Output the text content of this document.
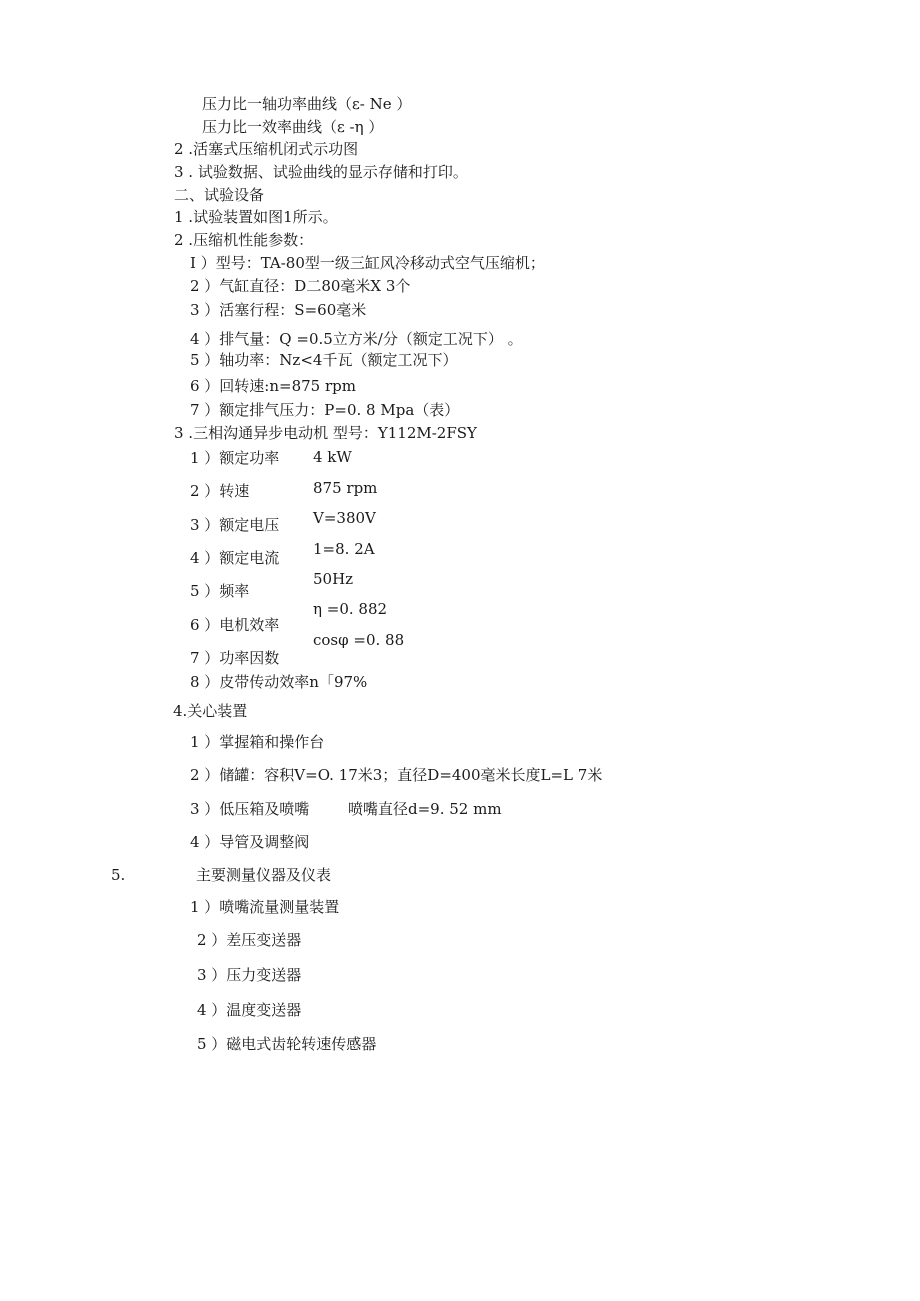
压力比一轴功率曲线（ε- Ne ）
压力比一效率曲线（ε -η ）
2 .活塞式压缩机闭式示功图
3 . 试验数据、试验曲线的显示存储和打印。
二、试验设备
1 .试验装置如图1所示。
2 .压缩机性能参数：
I ）型号：TA-80型一级三缸风冷移动式空气压缩机；
2 ）气缸直径：D二80毫米X 3个
3 ）活塞行程：S=60毫米
4 ）排气量：Q =0.5立方米/分（额定工况下） 。
5 ）轴功率：Nz<4千瓦（额定工况下）
6 ）回转速:n=875 rpm
7 ）额定排气压力：P=0. 8 Mpa（表）
3 .三相沟通异步电动机 型号：Y112M-2FSY
1 ）额定功率
2 ）转速
3 ）额定电压
4 ）额定电流
5 ）频率
6 ）电机效率
7 ）功率因数
4 kW
875 rpm
V=380V
1=8. 2A
50Hz
η =0. 882
cosφ =0. 88
8 ）皮带传动效率n「97%
4.关心装置
1 ）掌握箱和操作台
2 ）储罐：容积V=O. 17米3；直径D=400毫米长度L=L 7米
3 ）低压箱及喷嘴	喷嘴直径d=9. 52 mm
4 ）导管及调整阀
5.	主要测量仪器及仪表
1 ）喷嘴流量测量装置
2 ）差压变送器
3 ）压力变送器
4 ）温度变送器
5 ）磁电式齿轮转速传感器
